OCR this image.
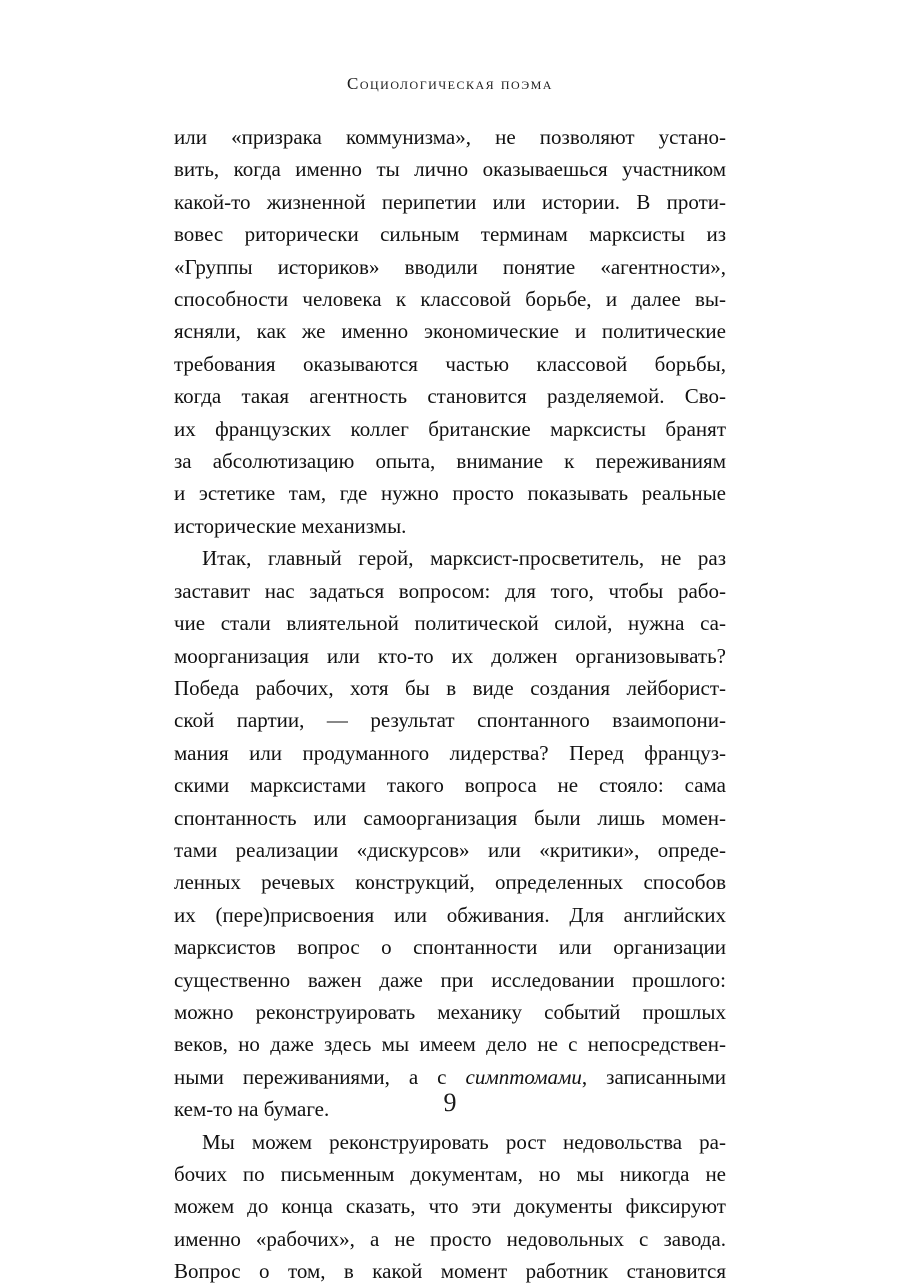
Социологическая поэма

или «призрака коммунизма», не позволяют устано-
вить, когда именно ты лично оказываешься участником
какой-то жизненной перипетии или истории. В проти-
вовес риторически сильным терминам марксисты из
«Группы историков» вводили понятие «агентности»,
способности человека к классовой борьбе, и далее вы-
ясняли, как же именно экономические и политические
требования оказываются частью классовой борьбы,
когда такая агентность становится разделяемой. Сво-
их французских коллег британские марксисты бранят
за абсолютизацию опыта, внимание к переживаниям
и эстетике там, где нужно просто показывать реальные
исторические механизмы.

Итак, главный герой, марксист-просветитель, не раз
заставит нас задаться вопросом: для того, чтобы рабо-
чие стали влиятельной политической силой, нужна са-
моорганизация или кто-то их должен организовывать?
Победа рабочих, хотя бы в виде создания лейборист-
ской партии, — результат спонтанного взаимопони-
мания или продуманного лидерства? Перед француз-
скими марксистами такого вопроса не стояло: сама
спонтанность или самоорганизация были лишь момен-
тами реализации «дискурсов» или «критики», опреде-
ленных речевых конструкций, определенных способов
их (пере)присвоения или обживания. Для английских
марксистов вопрос о спонтанности или организации
существенно важен даже при исследовании прошлого:
можно реконструировать механику событий прошлых
веков, но даже здесь мы имеем дело не с непосредствен-
ными переживаниями, а с симптомами, записанными
кем-то на бумаге.

Мы можем реконструировать рост недовольства ра-
бочих по письменным документам, но мы никогда не
можем до конца сказать, что эти документы фиксируют
именно «рабочих», а не просто недовольных с завода.
Вопрос о том, в какой момент работник становится

9
